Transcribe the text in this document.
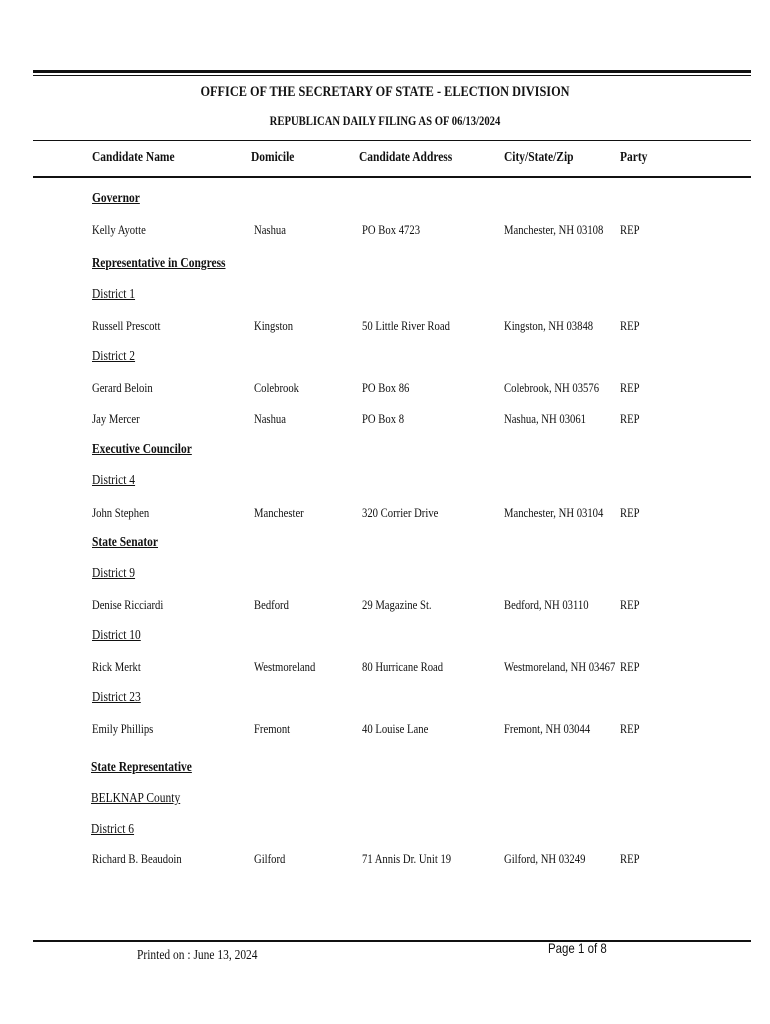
OFFICE OF THE SECRETARY OF STATE - ELECTION DIVISION
REPUBLICAN DAILY FILING AS OF 06/13/2024
Candidate Name	Domicile	Candidate Address	City/State/Zip	Party
Governor
Kelly Ayotte	Nashua	PO Box 4723	Manchester, NH 03108 REP
Representative in Congress
District 1
Russell Prescott	Kingston	50 Little River Road	Kingston, NH 03848 REP
District 2
Gerard Beloin	Colebrook	PO Box 86	Colebrook, NH 03576 REP
Jay Mercer	Nashua	PO Box 8	Nashua, NH 03061	REP
Executive Councilor
District 4
John Stephen	Manchester	320 Corrier Drive	Manchester, NH 03104 REP
State Senator
District 9
Denise Ricciardi	Bedford	29 Magazine St.	Bedford, NH 03110 REP
District 10
Rick Merkt	Westmoreland	80 Hurricane Road	Westmoreland, NH 03467 REP
District 23
Emily Phillips	Fremont	40 Louise Lane	Fremont, NH 03044 REP
State Representative
BELKNAP County
District 6
Richard B. Beaudoin	Gilford	71 Annis Dr. Unit 19	Gilford, NH 03249	REP
Printed on : June 13, 2024	Page 1 of 8
